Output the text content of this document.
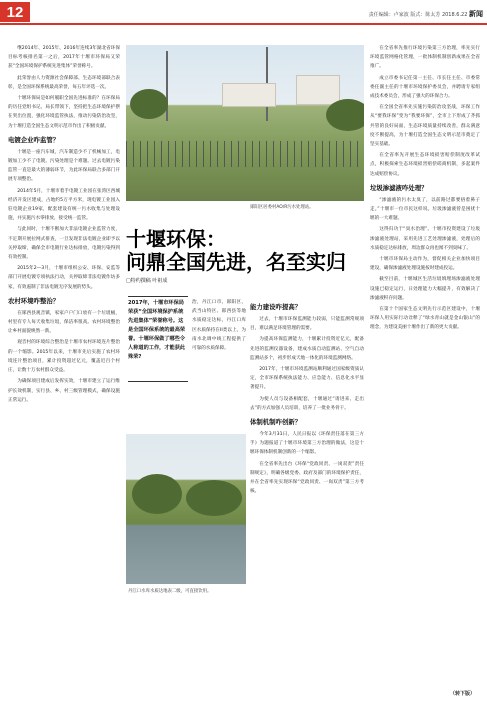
12	责任编辑：卢家波 版式：陈太芳 2018.6.22 新闻

继2014年、2015年、2016年连续3年湖北省环保目标考核排名第一之后，2017年十堰市环保局又荣获“全国环境保护系统先进集体”荣誉称号。

此荣誉由人力资源社会保障部、生态环境部联合表彰，是全国环保系统最高荣誉，每五年评选一次。

十堰环保局是如何履职全国先进标准的？在环保局的历任党组书记、局长带领下，坚持把生态环境保护摆在突出位置，强化环境监管执法，推动污染防治攻坚，为十堰打造全国生态文明示范市作出了积极贡献。

电镀企业咋监管？

十堰是一座汽车城，汽车制造少不了机械加工，电镀加工少不了电镀。污染处理是个难题。过去电镀污染监管一直是最大的薄弱环节，为此环保局联合多部门开展专项整治。

2014年5月，十堰市着手电镀工业园在张湾区西城经济开发区建成，占地约5万平方米，现电镀工业园入驻电镀企业19家，配套建设有统一污水收集与处理设施，并实施污水零排放，接受统一监管。

与此同时，十堰不断加大非法电镀企业监管力度，不定期开展拉网式排查，一旦发现非法电镀企业即予以关停取缔，确保全市电镀行业达标排放，电镀污染得到有效控制。

2015年2—3月，十堰市组织公安、环保、安监等部门开展电镀专项执法行动，关停取缔非法电镀作坊多家，有效遏制了非法电镀无序发展的势头。

农村环境咋整治？

在郧西县观音镇，家家户户门口放有一个垃圾桶，村里有专人每天收集垃圾，保洁率很高。农村环境整治让乡村面貌焕然一新。

观音村的环境综合整治是十堰市农村环境连片整治的一个缩影。2015年以来，十堰市先后实施了农村环境连片整治项目，累计投资超过亿元，覆盖近百个村庄，让数十万农村群众受益。

为确保项目建成后发挥实效，十堰市建立了运行维护长效机制，实行县、乡、村三级管理模式，确保设施正常运行。

郧阳区居委村AO/R污水处理站。
十堰环保：
问鼎全国先进，名至实归
□特约撰稿 叶祖成
2017年，十堰市环保局荣获“全国环境保护系统先进集体”荣誉称号。这是全国环保系统的最高荣誉。十堰环保做了哪些令人称道的工作，才能获此殊荣?

治，丹江口市、郧阳区、武当山特区、郧西县等地水质稳定达标，丹江口库区水质保持在II类以上，为南水北调中线工程提供了可靠的水质保障。

能力建设咋提高？

过去，十堰市环保监测能力较弱，只能监测常规项目，难以满足环境管理的需要。

为提高环保监测能力，十堰累计投资近亿元，配备先进的监测仪器设备，建成水质自动监测站、空气自动监测站多个，初步形成天地一体化的环境监测网络。

2017年，十堰市环境监测站顺利通过国家级资质认定，全市环保系统执法能力、应急能力、信息化水平显著提升。

为使人员与设备相配套，十堰通过“请进来、走出去”的方式加强人员培训，培养了一批业务骨干。

体制机制咋创新？

今年3月31日，人民日报以《环保责任落在第三方手》为题报道了十堰市环境第三方治理的做法，这是十堰环保体制机制创新的一个缩影。

在全省率先出台《环保“党政同责、一岗双责”责任制规定》，明确各级党委、政府及部门的环境保护责任，并在全省率先实现环保“党政同责、一岗双责”第三方考核。

丹江口水库水质达地表二级，可直接饮用。

在全省率先推行环境污染第三方治理，率先实行环境监管网格化管理，一批体制机制创新成果在全省推广。

成立市委书记任第一主任、市长任主任、市委常委任副主任的十堰市环境保护委员会，并聘请专家组成技术委员会，形成了强大的环保合力。

在全国全省率先实施污染防治攻坚战，环保工作从“要我环保”变为“我要环保”，全市上下形成了齐抓共管的良好局面，生态环境质量持续改善，群众满意度不断提高，为十堰打造全国生态文明示范市奠定了坚实基础。

在全省率先开展生态环境损害赔偿制度改革试点，积极探索生态环境损害赔偿磋商机制，多起案件达成赔偿协议。

垃圾渗滤液咋处理？

“渗滤液的污水太臭了，以前路过都要捂着鼻子走。”十堰市一位市民这样说。垃圾渗滤液曾是困扰十堰的一大难题。

这得归功于“臭水治理”。十堰市投资建设了垃圾渗滤液处理站，采用先进工艺处理渗滤液，处理后的水质稳定达标排放，周边群众再也闻不到臭味了。

十堰市环保局主动作为，督促相关企业加快项目建设，确保渗滤液处理设施按时建成投运。

截至目前，十堰城区生活垃圾填埋场渗滤液处理设施已稳定运行，日处理能力大幅提升，有效解决了渗滤液积存问题。

在第十个国家生态文明先行示范区建设中，十堰环保人用实际行动诠释了“绿水青山就是金山银山”的理念，为建设美丽十堰作出了新的更大贡献。

（转下版）
